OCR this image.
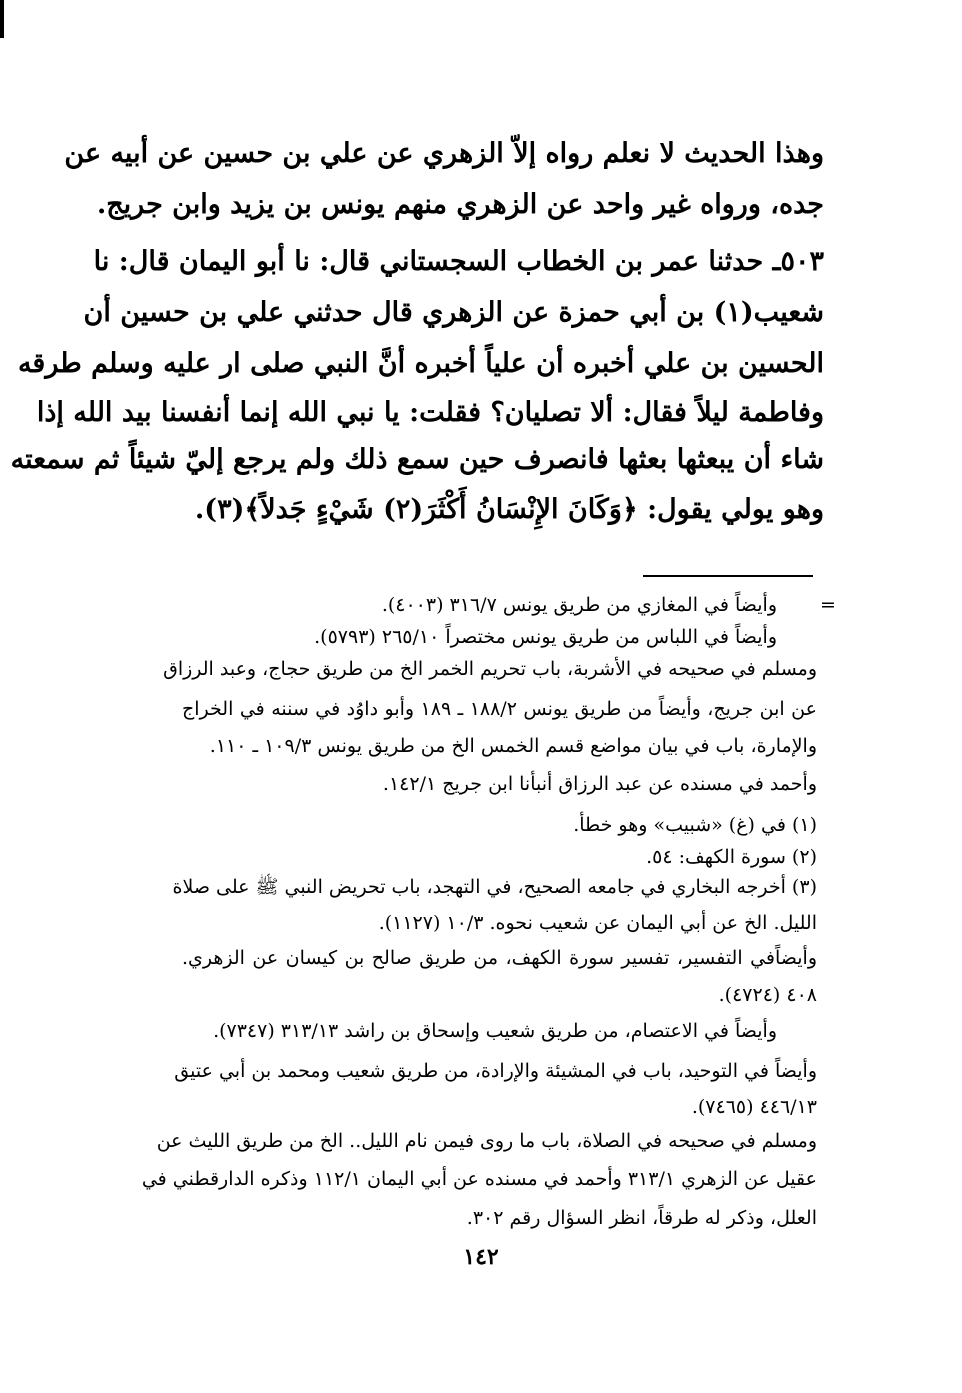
وهذا الحديث لا نعلم رواه إلاّ الزهري عن علي بن حسين عن أبيه عن
جده، ورواه غير واحد عن الزهري منهم يونس بن يزيد وابن جريج.
٥٠٣ـ حدثنا عمر بن الخطاب السجستاني قال: نا أبو اليمان قال: نا
شعيب(١) بن أبي حمزة عن الزهري قال حدثني علي بن حسين أن
الحسين بن علي أخبره أن علياً أخبره أنَّ النبي صلى ار عليه وسلم طرقه
وفاطمة ليلاً فقال: ألا تصليان؟ فقلت: يا نبي الله إنما أنفسنا بيد الله إذا
شاء أن يبعثها بعثها فانصرف حين سمع ذلك ولم يرجع إليّ شيئاً ثم سمعته
وهو يولي يقول: ﴿وَكَانَ الإِنْسَانُ أَكْثَرَ(٢) شَيْءٍ جَدلاً﴾(٣).
=
وأيضاً في المغازي من طريق يونس ٣١٦/٧ (٤٠٠٣).
وأيضاً في اللباس من طريق يونس مختصراً ٢٦٥/١٠ (٥٧٩٣).
ومسلم في صحيحه في الأشربة، باب تحريم الخمر الخ من طريق حجاج، وعبد الرزاق
عن ابن جريج، وأيضاً من طريق يونس ١٨٨/٢ ـ ١٨٩ وأبو داوُد في سننه في الخراج
والإمارة، باب في بيان مواضع قسم الخمس الخ من طريق يونس ١٠٩/٣ ـ ١١٠.
وأحمد في مسنده عن عبد الرزاق أنبأنا ابن جريج ١٤٢/١.
(١) في (غ) «شبيب» وهو خطأ.
(٢) سورة الكهف: ٥٤.
(٣) أخرجه البخاري في جامعه الصحيح، في التهجد، باب تحريض النبي ﷺ على صلاة
الليل. الخ عن أبي اليمان عن شعيب نحوه. ١٠/٣ (١١٢٧).
وأيضاًفي التفسير، تفسير سورة الكهف، من طريق صالح بن كيسان عن الزهري.
٤٠٨ (٤٧٢٤).
وأيضاً في الاعتصام، من طريق شعيب وإسحاق بن راشد ٣١٣/١٣ (٧٣٤٧).
وأيضاً في التوحيد، باب في المشيئة والإرادة، من طريق شعيب ومحمد بن أبي عتيق
٤٤٦/١٣ (٧٤٦٥).
ومسلم في صحيحه في الصلاة، باب ما روى فيمن نام الليل.. الخ من طريق الليث عن
عقيل عن الزهري ٣١٣/١ وأحمد في مسنده عن أبي اليمان ١١٢/١ وذكره الدارقطني في
العلل، وذكر له طرقاً، انظر السؤال رقم ٣٠٢.
١٤٢
